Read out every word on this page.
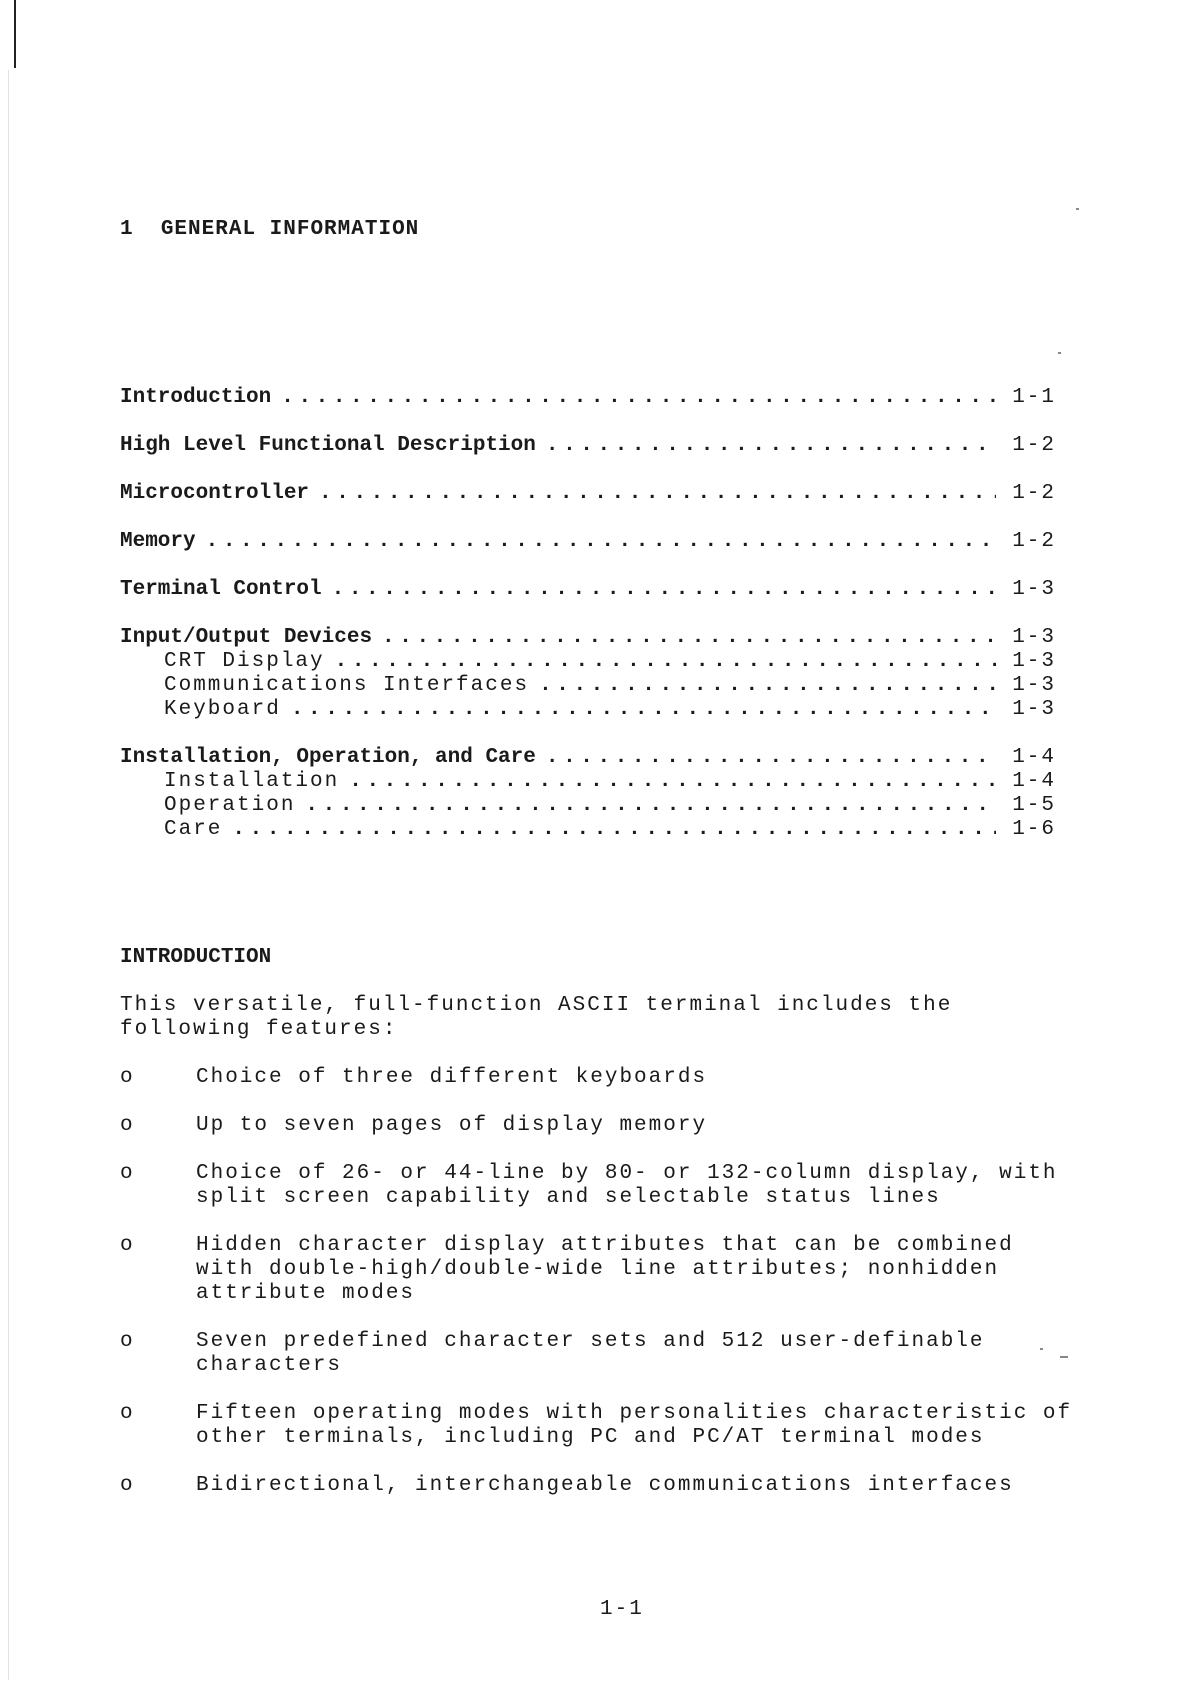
1 GENERAL INFORMATION
Introduction . . .	1-1
High Level Functional Description . . .	1-2
Microcontroller . . .	1-2
Memory . . .	1-2
Terminal Control . . .	1-3
Input/Output Devices . . .	1-3
CRT Display . . .	1-3
Communications Interfaces . . .	1-3
Keyboard . . .	1-3
Installation, Operation, and Care . . .	1-4
Installation . . .	1-4
Operation . . .	1-5
Care . . .	1-6
INTRODUCTION
This versatile, full-function ASCII terminal includes the
following features:
o	Choice of three different keyboards
o	Up to seven pages of display memory
o	Choice of 26- or 44-line by 80- or 132-column display, with
split screen capability and selectable status lines
o	Hidden character display attributes that can be combined
with double-high/double-wide line attributes; nonhidden
attribute modes
o	Seven predefined character sets and 512 user-definable
characters
o	Fifteen operating modes with personalities characteristic of
other terminals, including PC and PC/AT terminal modes
o	Bidirectional, interchangeable communications interfaces
1-1
